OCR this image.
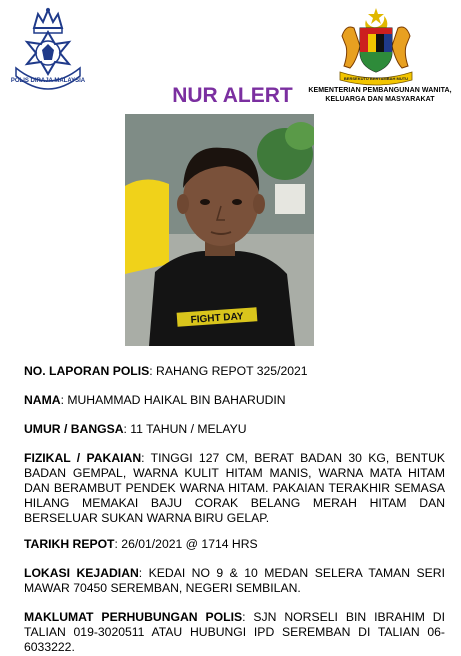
POLIS DIRAJA MALAYSIA	BERSEKUTU BERTAMBAH MUTU
KEMENTERIAN PEMBANGUNAN WANITA,
KELUARGA DAN MASYARAKAT
NUR ALERT
FIGHT DAY

NO. LAPORAN POLIS: RAHANG REPOT 325/2021

NAMA: MUHAMMAD HAIKAL BIN BAHARUDIN

UMUR / BANGSA: 11 TAHUN / MELAYU

FIZIKAL / PAKAIAN: TINGGI 127 CM, BERAT BADAN 30 KG, BENTUK BADAN GEMPAL, WARNA KULIT HITAM MANIS, WARNA MATA HITAM DAN BERAMBUT PENDEK WARNA HITAM. PAKAIAN TERAKHIR SEMASA HILANG MEMAKAI BAJU CORAK BELANG MERAH HITAM DAN BERSELUAR SUKAN WARNA BIRU GELAP.

TARIKH REPOT: 26/01/2021 @ 1714 HRS

LOKASI KEJADIAN: KEDAI NO 9 & 10 MEDAN SELERA TAMAN SERI MAWAR 70450 SEREMBAN, NEGERI SEMBILAN.

MAKLUMAT PERHUBUNGAN POLIS: SJN NORSELI BIN IBRAHIM DI TALIAN 019-3020511 ATAU HUBUNGI IPD SEREMBAN DI TALIAN 06-6033222.
